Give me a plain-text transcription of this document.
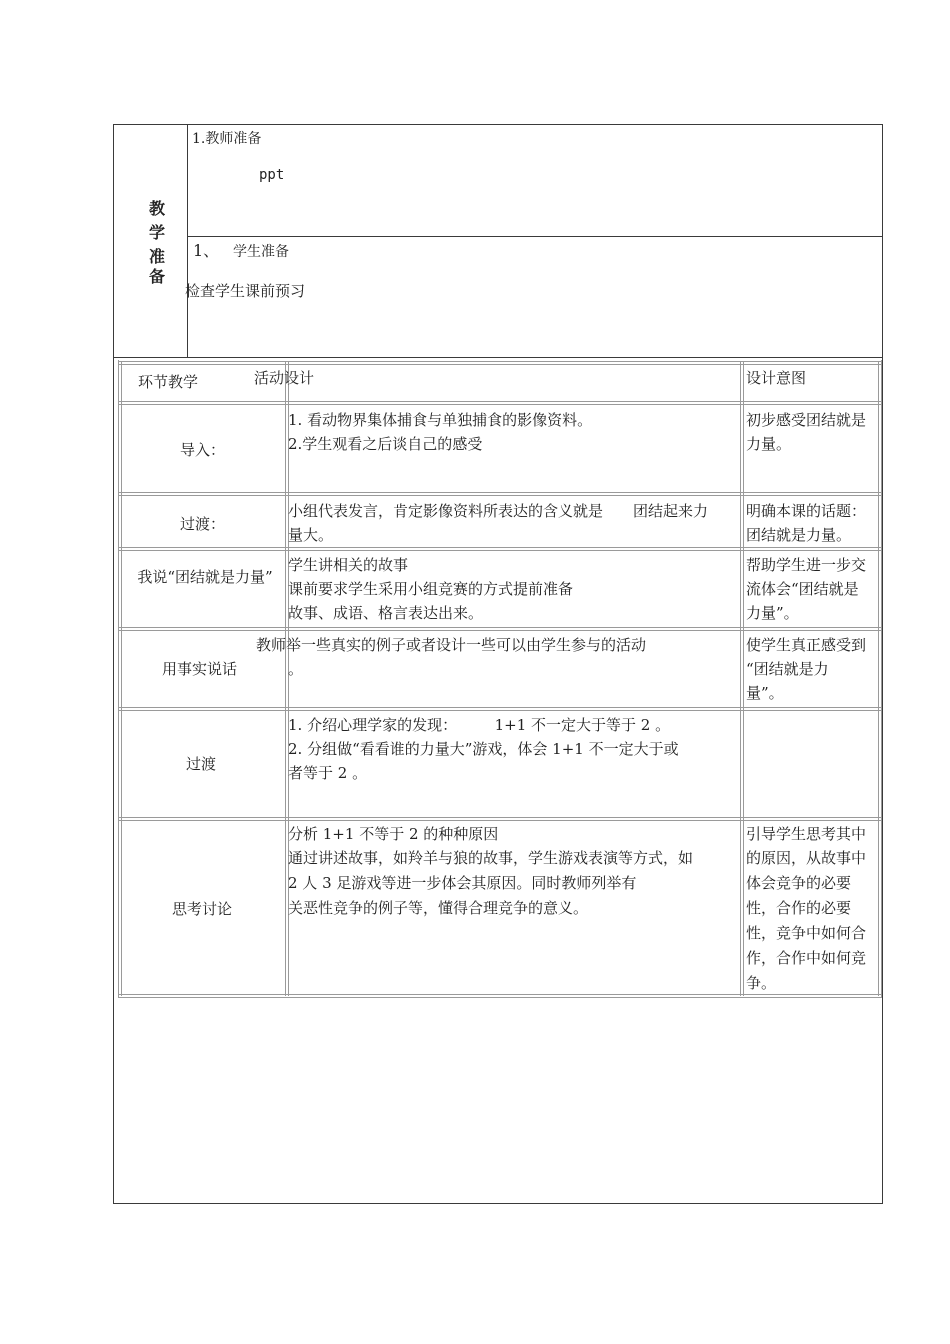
教
学
准
备
1.教师准备
ppt
1、 学生准备
检查学生课前预习
环节教学	活动设计	设计意图
导入：
1. 看动物界集体捕食与单独捕食的影像资料。
2.学生观看之后谈自己的感受
初步感受团结就是
力量。
过渡：
小组代表发言，肯定影像资料所表达的含义就是　　团结起来力
量大。
明确本课的话题：
团结就是力量。
我说“团结就是力量”
学生讲相关的故事
课前要求学生采用小组竞赛的方式提前准备
故事、成语、格言表达出来。
帮助学生进一步交
流体会“团结就是
力量”。
用事实说话
教师举一些真实的例子或者设计一些可以由学生参与的活动
。
使学生真正感受到
“团结就是力
量”。
过渡
1. 介绍心理学家的发现：　　　1+1 不一定大于等于 2 。
2. 分组做“看看谁的力量大”游戏，体会 1+1 不一定大于或
者等于 2 。
思考讨论
分析 1+1 不等于 2 的种种原因
通过讲述故事，如羚羊与狼的故事，学生游戏表演等方式，如
2 人 3 足游戏等进一步体会其原因。同时教师列举有
关恶性竞争的例子等，懂得合理竞争的意义。
引导学生思考其中
的原因，从故事中
体会竞争的必要
性，合作的必要
性，竞争中如何合
作，合作中如何竞
争。
